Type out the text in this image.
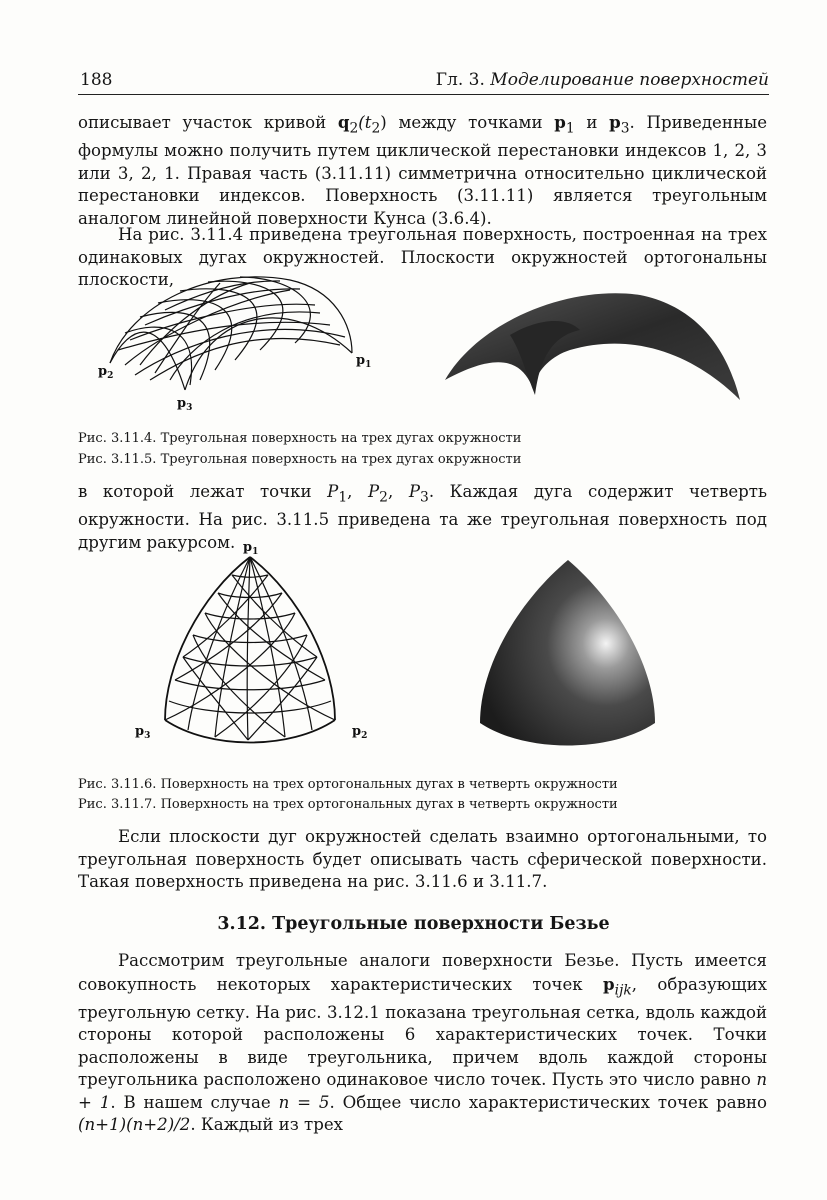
188	Гл. 3. Моделирование поверхностей

описывает участок кривой $q_2(t_2)$ между точками $p_1$ и $p_3$. Приведенные формулы можно получить путем циклической перестановки индексов 1, 2, 3 или 3, 2, 1. Правая часть (3.11.11) симметрична относительно циклической перестановки индексов. Поверхность (3.11.11) является треугольным аналогом линейной поверхности Кунса (3.6.4).

На рис. 3.11.4 приведена треугольная поверхность, построенная на трех одинаковых дугах окружностей. Плоскости окружностей ортогональны плоскости,

$p_1$
$p_2$
$p_3$
Рис. 3.11.4. Треугольная поверхность на трех дугах окружности
Рис. 3.11.5. Треугольная поверхность на трех дугах окружности

в которой лежат точки $P_1$, $P_2$, $P_3$. Каждая дуга содержит четверть окружности. На рис. 3.11.5 приведена та же треугольная поверхность под другим ракурсом. $p_1$
$p_3$	$p_2$
Рис. 3.11.6. Поверхность на трех ортогональных дугах в четверть окружности
Рис. 3.11.7. Поверхность на трех ортогональных дугах в четверть окружности

Если плоскости дуг окружностей сделать взаимно ортогональными, то треугольная поверхность будет описывать часть сферической поверхности. Такая поверхность приведена на рис. 3.11.6 и 3.11.7.

3.12. Треугольные поверхности Безье

Рассмотрим треугольные аналоги поверхности Безье. Пусть имеется совокупность некоторых характеристических точек $p_{ijk}$, образующих треугольную сетку. На рис. 3.12.1 показана треугольная сетка, вдоль каждой стороны которой расположены 6 характеристических точек. Точки расположены в виде треугольника, причем вдоль каждой стороны треугольника расположено одинаковое число точек. Пусть это число равно n + 1. В нашем случае n = 5. Общее число характеристических точек равно (n+1)(n+2)/2. Каждый из трех
